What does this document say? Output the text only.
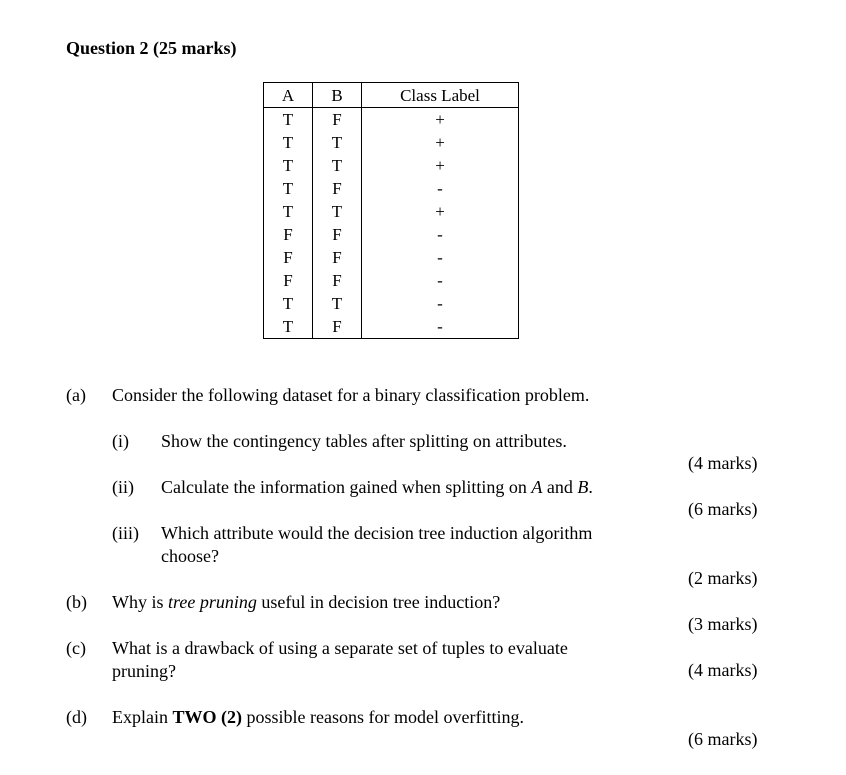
Question 2 (25 marks)
A	B	Class Label
T	F	+
T	T	+
T	T	+
T	F	-
T	T	+
F	F	-
F	F	-
F	F	-
T	T	-
T	F	-
(a) Consider the following dataset for a binary classification problem.
(i) Show the contingency tables after splitting on attributes.
(4 marks)
(ii) Calculate the information gained when splitting on A and B.
(6 marks)
(iii) Which attribute would the decision tree induction algorithm
choose?
(2 marks)
(b) Why is tree pruning useful in decision tree induction?
(3 marks)
(c) What is a drawback of using a separate set of tuples to evaluate
pruning?	(4 marks)
(d) Explain TWO (2) possible reasons for model overfitting.
(6 marks)
